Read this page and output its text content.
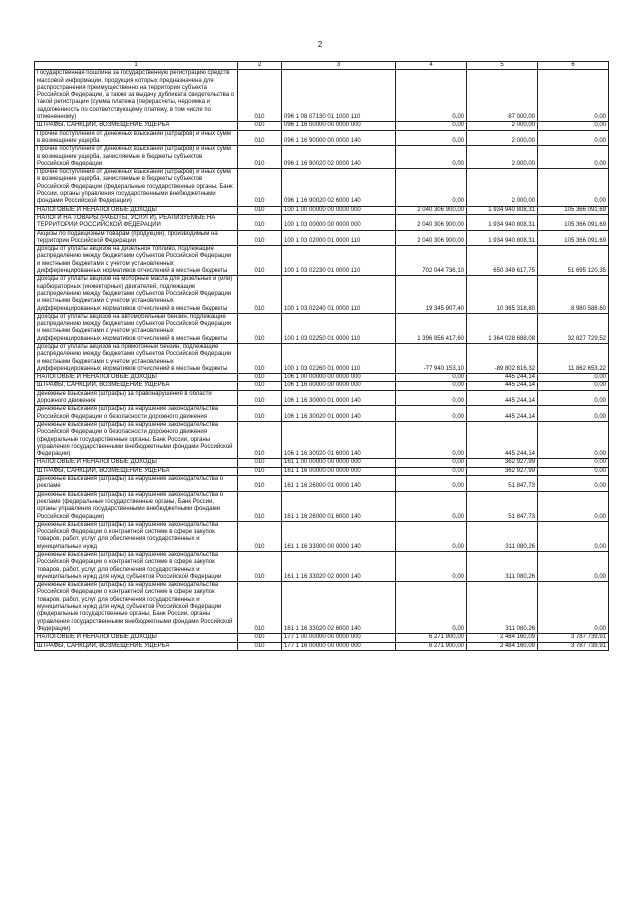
2
1	2	3	4	5	6
Государственная пошлина за государственную регистрацию средств массовой информации, продукция которых предназначена для распространения преимущественно на территории субъекта Российской Федерации, а также за выдачу дубликата свидетельства о такой регистрации (сумма платежа (перерасчеты, недоимка и задолженность по соответствующему платежу, в том числе по отмененному)	010	096 1 08 07130 01 1000 110	0,00	87 000,00	0,00
ШТРАФЫ, САНКЦИИ, ВОЗМЕЩЕНИЕ УЩЕРБА	010	096 1 16 00000 00 0000 000	0,00	2 000,00	0,00
Прочие поступления от денежных взысканий (штрафов) и иных сумм в возмещение ущерба	010	096 1 16 90000 00 0000 140	0,00	2 000,00	0,00
Прочие поступления от денежных взысканий (штрафов) и иных сумм в возмещение ущерба, зачисляемые в бюджеты субъектов Российской Федерации	010	096 1 16 90020 02 0000 140	0,00	2 000,00	0,00
Прочие поступления от денежных взысканий (штрафов) и иных сумм в возмещение ущерба, зачисляемые в бюджеты субъектов Российской Федерации (федеральные государственные органы, Банк России, органы управления государственными внебюджетными фондами Российской Федерации)	010	096 1 16 90020 02 6000 140	0,00	2 000,00	0,00
НАЛОГОВЫЕ И НЕНАЛОГОВЫЕ ДОХОДЫ	010	100 1 00 00000 00 0000 000	2 040 306 900,00	1 934 940 808,31	105 366 091,69
НАЛОГИ НА ТОВАРЫ (РАБОТЫ, УСЛУГИ), РЕАЛИЗУЕМЫЕ НА ТЕРРИТОРИИ РОССИЙСКОЙ ФЕДЕРАЦИИ	010	100 1 03 00000 00 0000 000	2 040 306 900,00	1 934 940 808,31	105 366 091,69
Акцизы по подакцизным товарам (продукции), производимым на территории Российской Федерации	010	100 1 03 02000 01 0000 110	2 040 306 900,00	1 934 940 808,31	105 366 091,69
Доходы от уплаты акцизов на дизельное топливо, подлежащие распределению между бюджетами субъектов Российской Федерации и местными бюджетами с учетом установленных дифференцированных нормативов отчислений в местные бюджеты	010	100 1 03 02230 01 0000 110	702 044 736,10	650 349 617,75	51 695 120,35
Доходы от уплаты акцизов на моторные масла для дизельных и (или) карбюраторных (инжекторных) двигателей, подлежащие распределению между бюджетами субъектов Российской Федерации и местными бюджетами с учетом установленных дифференцированных нормативов отчислений в местные бюджеты	010	100 1 03 02240 01 0000 110	19 345 907,40	10 365 318,80	8 980 588,60
Доходы от уплаты акцизов на автомобильный бензин, подлежащие распределению между бюджетами субъектов Российской Федерации и местными бюджетами с учетом установленных дифференцированных нормативов отчислений в местные бюджеты	010	100 1 03 02250 01 0000 110	1 396 856 417,60	1 364 028 688,08	32 827 729,52
Доходы от уплаты акцизов на прямогонный бензин, подлежащие распределению между бюджетами субъектов Российской Федерации и местными бюджетами с учетом установленных дифференцированных нормативов отчислений в местные бюджеты	010	100 1 03 02260 01 0000 110	-77 940 153,10	-89 802 816,32	11 862 653,22
НАЛОГОВЫЕ И НЕНАЛОГОВЫЕ ДОХОДЫ	010	106 1 00 00000 00 0000 000	0,00	445 244,14	0,00
ШТРАФЫ, САНКЦИИ, ВОЗМЕЩЕНИЕ УЩЕРБА	010	106 1 16 00000 00 0000 000	0,00	445 244,14	0,00
Денежные взыскания (штрафы) за правонарушения в области дорожного движения	010	106 1 16 30000 01 0000 140	0,00	445 244,14	0,00
Денежные взыскания (штрафы) за нарушение законодательства Российской Федерации о безопасности дорожного движения	010	106 1 16 30020 01 0000 140	0,00	445 244,14	0,00
Денежные взыскания (штрафы) за нарушение законодательства Российской Федерации о безопасности дорожного движения (федеральные государственные органы, Банк России, органы управления государственными внебюджетными фондами Российской Федерации)	010	106 1 16 30020 01 6000 140	0,00	445 244,14	0,00
НАЛОГОВЫЕ И НЕНАЛОГОВЫЕ ДОХОДЫ	010	161 1 00 00000 00 0000 000	0,00	362 927,99	0,00
ШТРАФЫ, САНКЦИИ, ВОЗМЕЩЕНИЕ УЩЕРБА	010	161 1 16 00000 00 0000 000	0,00	362 927,99	0,00
Денежные взыскания (штрафы) за нарушение законодательства о рекламе	010	161 1 16 26000 01 0000 140	0,00	51 847,73	0,00
Денежные взыскания (штрафы) за нарушение законодательства о рекламе (федеральные государственные органы, Банк России, органы управления государственными внебюджетными фондами Российской Федерации)	010	161 1 16 26000 01 6000 140	0,00	51 847,73	0,00
Денежные взыскания (штрафы) за нарушение законодательства Российской Федерации о контрактной системе в сфере закупок товаров, работ, услуг для обеспечения государственных и муниципальных нужд	010	161 1 16 33000 00 0000 140	0,00	311 080,26	0,00
Денежные взыскания (штрафы) за нарушение законодательства Российской Федерации о контрактной системе в сфере закупок товаров, работ, услуг для обеспечения государственных и муниципальных нужд для нужд субъектов Российской Федерации	010	161 1 16 33020 02 0000 140	0,00	311 080,26	0,00
Денежные взыскания (штрафы) за нарушение законодательства Российской Федерации о контрактной системе в сфере закупок товаров, работ, услуг для обеспечения государственных и муниципальных нужд для нужд субъектов Российской Федерации (федеральные государственные органы, Банк России, органы управления государственными внебюджетными фондами Российской Федерации)	010	161 1 16 33020 02 6000 140	0,00	311 080,26	0,00
НАЛОГОВЫЕ И НЕНАЛОГОВЫЕ ДОХОДЫ	010	177 1 00 00000 00 0000 000	6 271 900,00	2 484 160,09	3 787 739,91
ШТРАФЫ, САНКЦИИ, ВОЗМЕЩЕНИЕ УЩЕРБА	010	177 1 16 00000 00 0000 000	6 271 900,00	2 484 160,09	3 787 739,91
